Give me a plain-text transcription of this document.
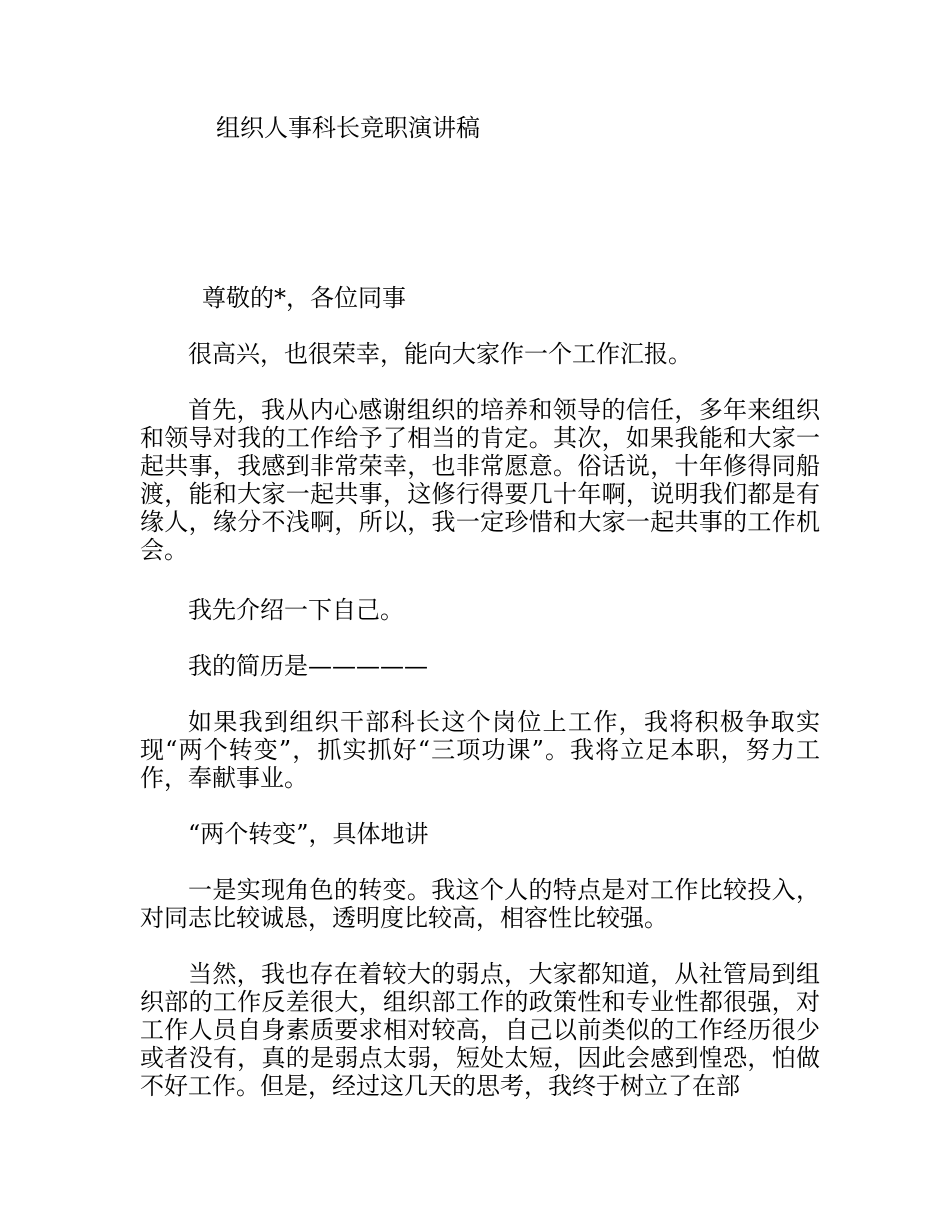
组织人事科长竞职演讲稿
尊敬的*，各位同事

很高兴，也很荣幸，能向大家作一个工作汇报。

首先，我从内心感谢组织的培养和领导的信任，多年来组织和领导对我的工作给予了相当的肯定。其次，如果我能和大家一起共事，我感到非常荣幸，也非常愿意。俗话说，十年修得同船渡，能和大家一起共事，这修行得要几十年啊，说明我们都是有缘人，缘分不浅啊，所以，我一定珍惜和大家一起共事的工作机会。

我先介绍一下自己。

我的简历是—————

如果我到组织干部科长这个岗位上工作，我将积极争取实现“两个转变”，抓实抓好“三项功课”。我将立足本职，努力工作，奉献事业。

“两个转变”，具体地讲

一是实现角色的转变。我这个人的特点是对工作比较投入，对同志比较诚恳，透明度比较高，相容性比较强。

当然，我也存在着较大的弱点，大家都知道，从社管局到组织部的工作反差很大，组织部工作的政策性和专业性都很强，对工作人员自身素质要求相对较高，自己以前类似的工作经历很少或者没有，真的是弱点太弱，短处太短，因此会感到惶恐，怕做不好工作。但是，经过这几天的思考，我终于树立了在部
